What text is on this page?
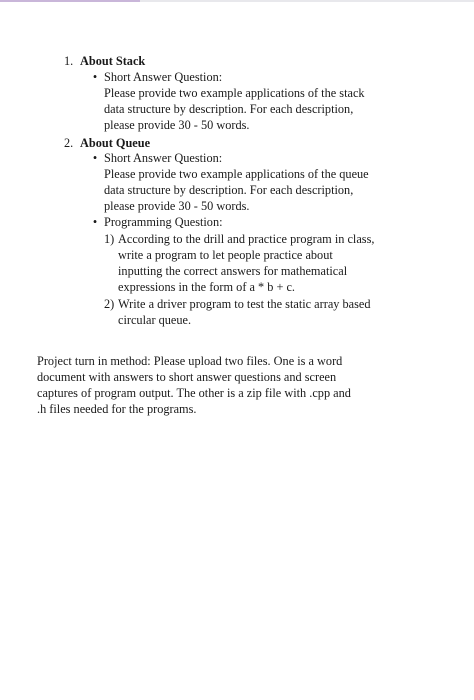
1. About Stack
• Short Answer Question:
Please provide two example applications of the stack
data structure by description. For each description,
please provide 30 - 50 words.
2. About Queue
• Short Answer Question:
Please provide two example applications of the queue
data structure by description. For each description,
please provide 30 - 50 words.
• Programming Question:
1) According to the drill and practice program in class,
write a program to let people practice about
inputting the correct answers for mathematical
expressions in the form of a * b + c.
2) Write a driver program to test the static array based
circular queue.
Project turn in method: Please upload two files. One is a word
document with answers to short answer questions and screen
captures of program output. The other is a zip file with .cpp and
.h files needed for the programs.
